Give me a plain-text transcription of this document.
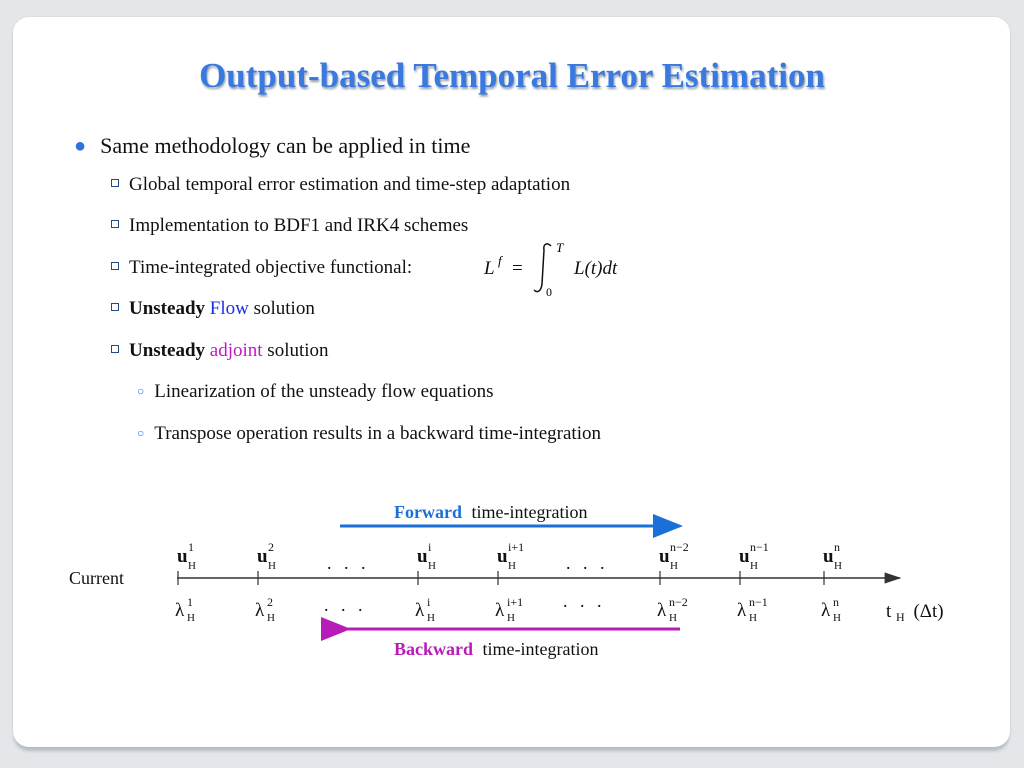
Output-based Temporal Error Estimation
● Same methodology can be applied in time
Global temporal error estimation and time-step adaptation
Implementation to BDF1 and IRK4 schemes
Time-integrated objective functional:	L f =
T
0
L(t)dt
Unsteady Flow solution
Unsteady adjoint solution
○ Linearization of the unsteady flow equations
○ Transpose operation results in a backward time-integration
Forward time-integration
Current
u 1
H	u 2
H	u i
H	u i+1
H	u n−2
H	u n−1
H	u n
H
λ 1
H	λ 2
H	λ i
H	λ i+1
H	λ n−2
H	λ n−1
H	λ n
H
. . .	. . .
. . .	. . .	t $_H$ (Δt)
Backward time-integration
